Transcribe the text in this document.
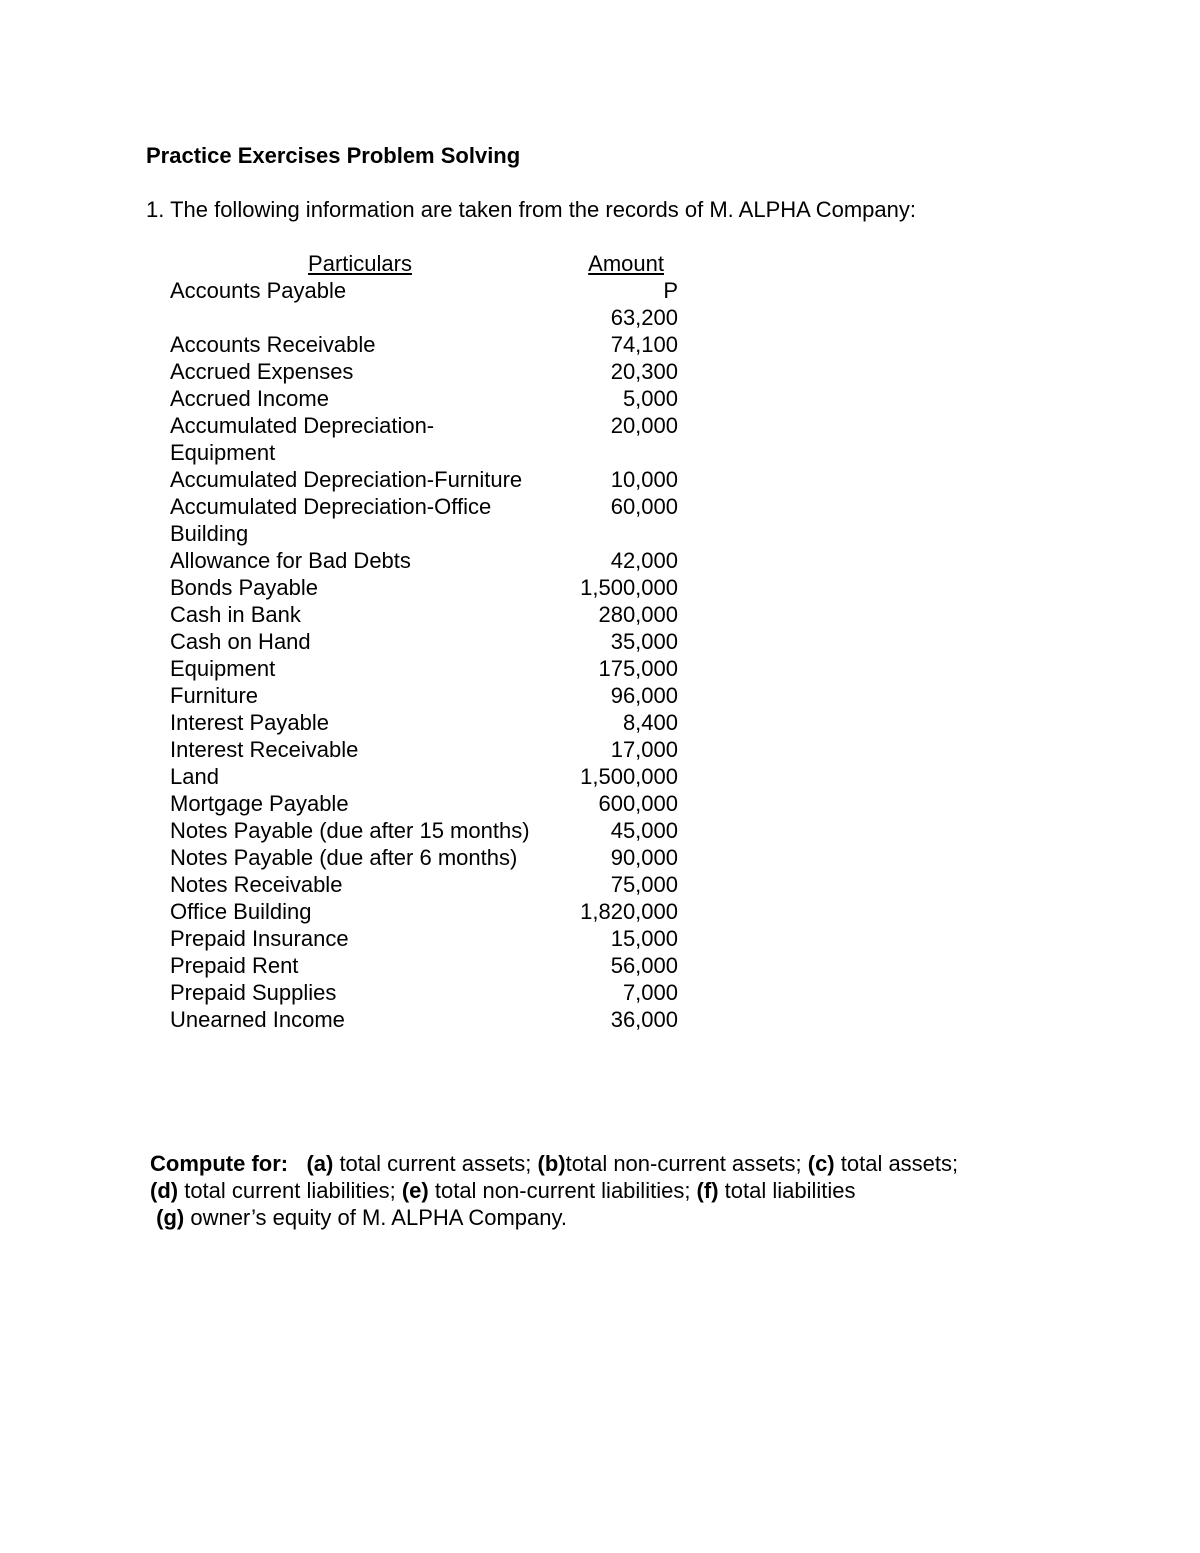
Practice Exercises Problem Solving

1. The following information are taken from the records of M. ALPHA Company:

Particulars	Amount

Accounts Payable	P
63,200

Accounts Receivable	74,100

Accrued Expenses	20,300

Accrued Income	5,000

Accumulated Depreciation-Equipment	20,000

Accumulated Depreciation-Furniture	10,000

Accumulated Depreciation-Office Building	60,000

Allowance for Bad Debts	42,000

Bonds Payable	1,500,000

Cash in Bank	280,000

Cash on Hand	35,000

Equipment	175,000

Furniture	96,000

Interest Payable	8,400

Interest Receivable	17,000

Land	1,500,000

Mortgage Payable	600,000

Notes Payable (due after 15 months)	45,000

Notes Payable (due after 6 months)	90,000

Notes Receivable	75,000

Office Building	1,820,000

Prepaid Insurance	15,000

Prepaid Rent	56,000

Prepaid Supplies	7,000

Unearned Income	36,000

Compute for: (a) total current assets; (b)total non-current assets; (c) total assets;
(d) total current liabilities; (e) total non-current liabilities; (f) total liabilities
(g) owner’s equity of M. ALPHA Company.
